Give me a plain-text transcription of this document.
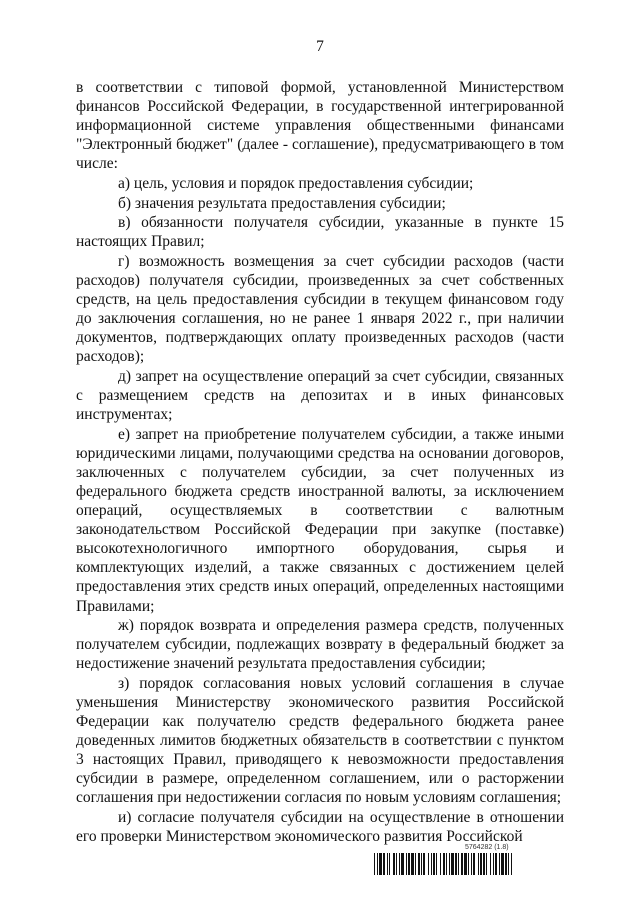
7

в соответствии с типовой формой, установленной Министерством финансов Российской Федерации, в государственной интегрированной информационной системе управления общественными финансами "Электронный бюджет" (далее - соглашение), предусматривающего в том числе:

а) цель, условия и порядок предоставления субсидии;

б) значения результата предоставления субсидии;

в) обязанности получателя субсидии, указанные в пункте 15 настоящих Правил;

г) возможность возмещения за счет субсидии расходов (части расходов) получателя субсидии, произведенных за счет собственных средств, на цель предоставления субсидии в текущем финансовом году до заключения соглашения, но не ранее 1 января 2022 г., при наличии документов, подтверждающих оплату произведенных расходов (части расходов);

д) запрет на осуществление операций за счет субсидии, связанных с размещением средств на депозитах и в иных финансовых инструментах;

е) запрет на приобретение получателем субсидии, а также иными юридическими лицами, получающими средства на основании договоров, заключенных с получателем субсидии, за счет полученных из федерального бюджета средств иностранной валюты, за исключением операций, осуществляемых в соответствии с валютным законодательством Российской Федерации при закупке (поставке) высокотехнологичного импортного оборудования, сырья и комплектующих изделий, а также связанных с достижением целей предоставления этих средств иных операций, определенных настоящими Правилами;

ж) порядок возврата и определения размера средств, полученных получателем субсидии, подлежащих возврату в федеральный бюджет за недостижение значений результата предоставления субсидии;

з) порядок согласования новых условий соглашения в случае уменьшения Министерству экономического развития Российской Федерации как получателю средств федерального бюджета ранее доведенных лимитов бюджетных обязательств в соответствии с пунктом 3 настоящих Правил, приводящего к невозможности предоставления субсидии в размере, определенном соглашением, или о расторжении соглашения при недостижении согласия по новым условиям соглашения;

и) согласие получателя субсидии на осуществление в отношении его проверки Министерством экономического развития Российской

5764282 (1.8)
